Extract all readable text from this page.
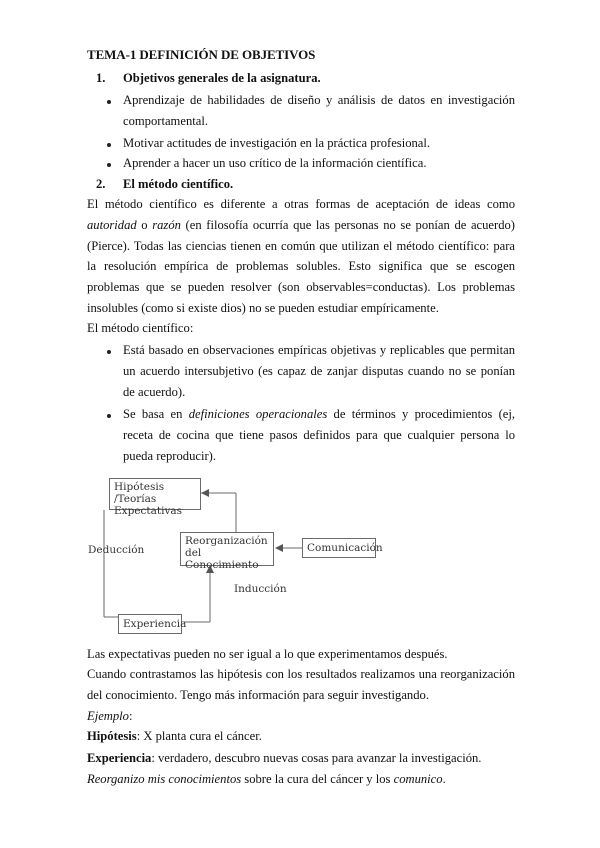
TEMA-1 DEFINICIÓN DE OBJETIVOS
1. Objetivos generales de la asignatura.
Aprendizaje de habilidades de diseño y análisis de datos en investigación comportamental.
Motivar actitudes de investigación en la práctica profesional.
Aprender a hacer un uso crítico de la información científica.
2. El método científico.
El método científico es diferente a otras formas de aceptación de ideas como autoridad o razón (en filosofía ocurría que las personas no se ponían de acuerdo) (Pierce). Todas las ciencias tienen en común que utilizan el método científico: para la resolución empírica de problemas solubles. Esto significa que se escogen problemas que se pueden resolver (son observables=conductas). Los problemas insolubles (como si existe dios) no se pueden estudiar empíricamente.
El método científico:
Está basado en observaciones empíricas objetivas y replicables que permitan un acuerdo intersubjetivo (es capaz de zanjar disputas cuando no se ponían de acuerdo).
Se basa en definiciones operacionales de términos y procedimientos (ej, receta de cocina que tiene pasos definidos para que cualquier persona lo pueda reproducir).
Hipótesis /Teorías
Expectativas
Reorganización
del Conocimiento
Comunicación
Experiencia
Deducción
Inducción
Las expectativas pueden no ser igual a lo que experimentamos después.
Cuando contrastamos las hipótesis con los resultados realizamos una reorganización del conocimiento. Tengo más información para seguir investigando.
Ejemplo:
Hipótesis: X planta cura el cáncer.
Experiencia: verdadero, descubro nuevas cosas para avanzar la investigación.
Reorganizo mis conocimientos sobre la cura del cáncer y los comunico.
